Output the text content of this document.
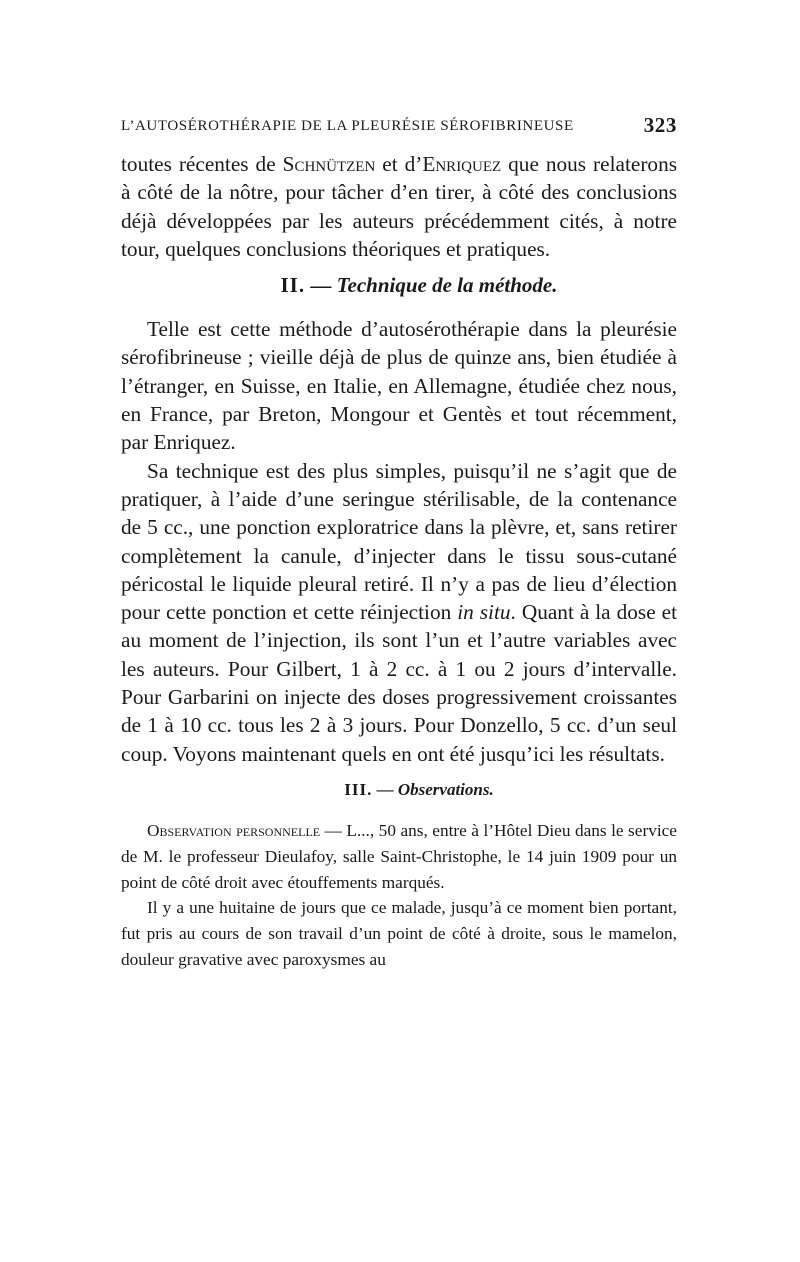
L’AUTOSÉROTHÉRAPIE DE LA PLEURÉSIE SÉROFIBRINEUSE	323

toutes récentes de Schnützen et d’Enriquez que nous relaterons à côté de la nôtre, pour tâcher d’en tirer, à côté des conclusions déjà développées par les auteurs précédemment cités, à notre tour, quelques conclusions théoriques et pratiques.

II. — Technique de la méthode.

Telle est cette méthode d’autosérothérapie dans la pleurésie sérofibrineuse ; vieille déjà de plus de quinze ans, bien étudiée à l’étranger, en Suisse, en Italie, en Allemagne, étudiée chez nous, en France, par Breton, Mongour et Gentès et tout récemment, par Enriquez.

Sa technique est des plus simples, puisqu’il ne s’agit que de pratiquer, à l’aide d’une seringue stérilisable, de la contenance de 5 cc., une ponction exploratrice dans la plèvre, et, sans retirer complètement la canule, d’injecter dans le tissu sous-cutané péricostal le liquide pleural retiré. Il n’y a pas de lieu d’élection pour cette ponction et cette réinjection in situ. Quant à la dose et au moment de l’injection, ils sont l’un et l’autre variables avec les auteurs. Pour Gilbert, 1 à 2 cc. à 1 ou 2 jours d’intervalle. Pour Garbarini on injecte des doses progressivement croissantes de 1 à 10 cc. tous les 2 à 3 jours. Pour Donzello, 5 cc. d’un seul coup. Voyons maintenant quels en ont été jusqu’ici les résultats.

III. — Observations.

Observation personnelle — L..., 50 ans, entre à l’Hôtel Dieu dans le service de M. le professeur Dieulafoy, salle Saint-Christophe, le 14 juin 1909 pour un point de côté droit avec étouffements marqués.

Il y a une huitaine de jours que ce malade, jusqu’à ce moment bien portant, fut pris au cours de son travail d’un point de côté à droite, sous le mamelon, douleur gravative avec paroxysmes au
